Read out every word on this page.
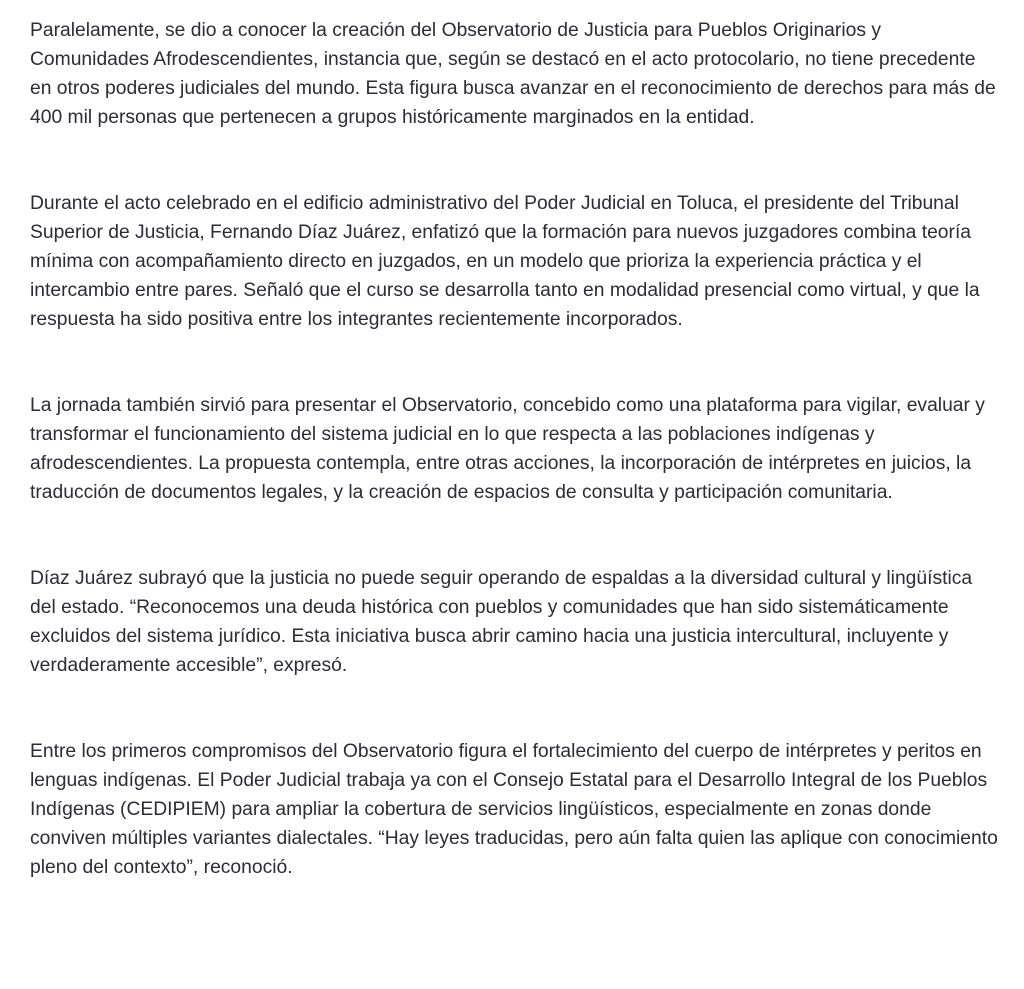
Paralelamente, se dio a conocer la creación del Observatorio de Justicia para Pueblos Originarios y Comunidades Afrodescendientes, instancia que, según se destacó en el acto protocolario, no tiene precedente en otros poderes judiciales del mundo. Esta figura busca avanzar en el reconocimiento de derechos para más de 400 mil personas que pertenecen a grupos históricamente marginados en la entidad.

Durante el acto celebrado en el edificio administrativo del Poder Judicial en Toluca, el presidente del Tribunal Superior de Justicia, Fernando Díaz Juárez, enfatizó que la formación para nuevos juzgadores combina teoría mínima con acompañamiento directo en juzgados, en un modelo que prioriza la experiencia práctica y el intercambio entre pares. Señaló que el curso se desarrolla tanto en modalidad presencial como virtual, y que la respuesta ha sido positiva entre los integrantes recientemente incorporados.

La jornada también sirvió para presentar el Observatorio, concebido como una plataforma para vigilar, evaluar y transformar el funcionamiento del sistema judicial en lo que respecta a las poblaciones indígenas y afrodescendientes. La propuesta contempla, entre otras acciones, la incorporación de intérpretes en juicios, la traducción de documentos legales, y la creación de espacios de consulta y participación comunitaria.

Díaz Juárez subrayó que la justicia no puede seguir operando de espaldas a la diversidad cultural y lingüística del estado. “Reconocemos una deuda histórica con pueblos y comunidades que han sido sistemáticamente excluidos del sistema jurídico. Esta iniciativa busca abrir camino hacia una justicia intercultural, incluyente y verdaderamente accesible”, expresó.

Entre los primeros compromisos del Observatorio figura el fortalecimiento del cuerpo de intérpretes y peritos en lenguas indígenas. El Poder Judicial trabaja ya con el Consejo Estatal para el Desarrollo Integral de los Pueblos Indígenas (CEDIPIEM) para ampliar la cobertura de servicios lingüísticos, especialmente en zonas donde conviven múltiples variantes dialectales. “Hay leyes traducidas, pero aún falta quien las aplique con conocimiento pleno del contexto”, reconoció.
